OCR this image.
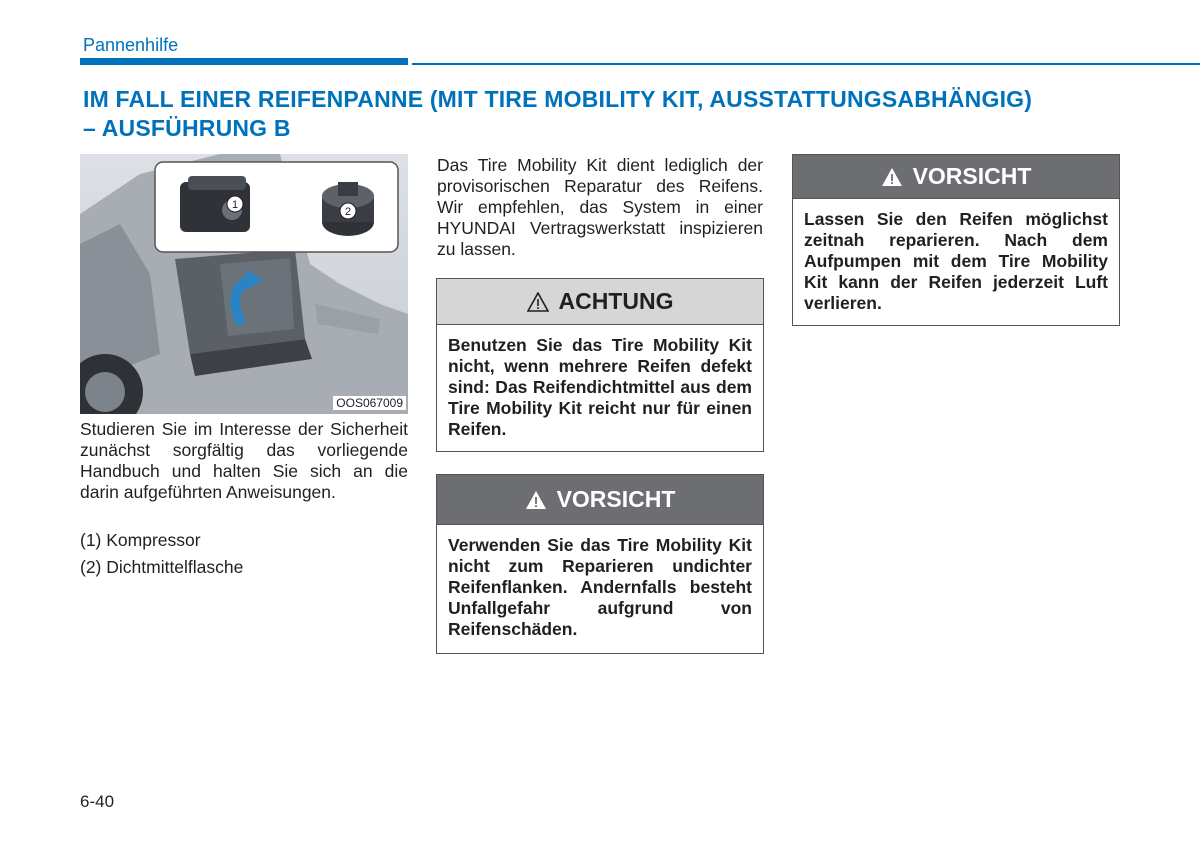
Pannenhilfe
IM FALL EINER REIFENPANNE (MIT TIRE MOBILITY KIT, AUSSTATTUNGSABHÄNGIG)
– AUSFÜHRUNG B
1
2
OOS067009

Studieren Sie im Interesse der Sicherheit zunächst sorgfältig das vorliegende Handbuch und halten Sie sich an die darin aufgeführten Anweisungen.

(1) Kompressor
(2) Dichtmittelflasche

Das Tire Mobility Kit dient lediglich der provisorischen Reparatur des Reifens. Wir empfehlen, das System in einer HYUNDAI Vertragswerkstatt inspizieren zu lassen.

ACHTUNG
Benutzen Sie das Tire Mobility Kit nicht, wenn mehrere Reifen defekt sind: Das Reifendichtmittel aus dem Tire Mobility Kit reicht nur für einen Reifen.
VORSICHT
Verwenden Sie das Tire Mobility Kit nicht zum Reparieren undichter Reifenflanken. Andernfalls besteht Unfallgefahr aufgrund von Reifenschäden.
VORSICHT
Lassen Sie den Reifen möglichst zeitnah reparieren. Nach dem Aufpumpen mit dem Tire Mobility Kit kann der Reifen jederzeit Luft verlieren.
6-40
